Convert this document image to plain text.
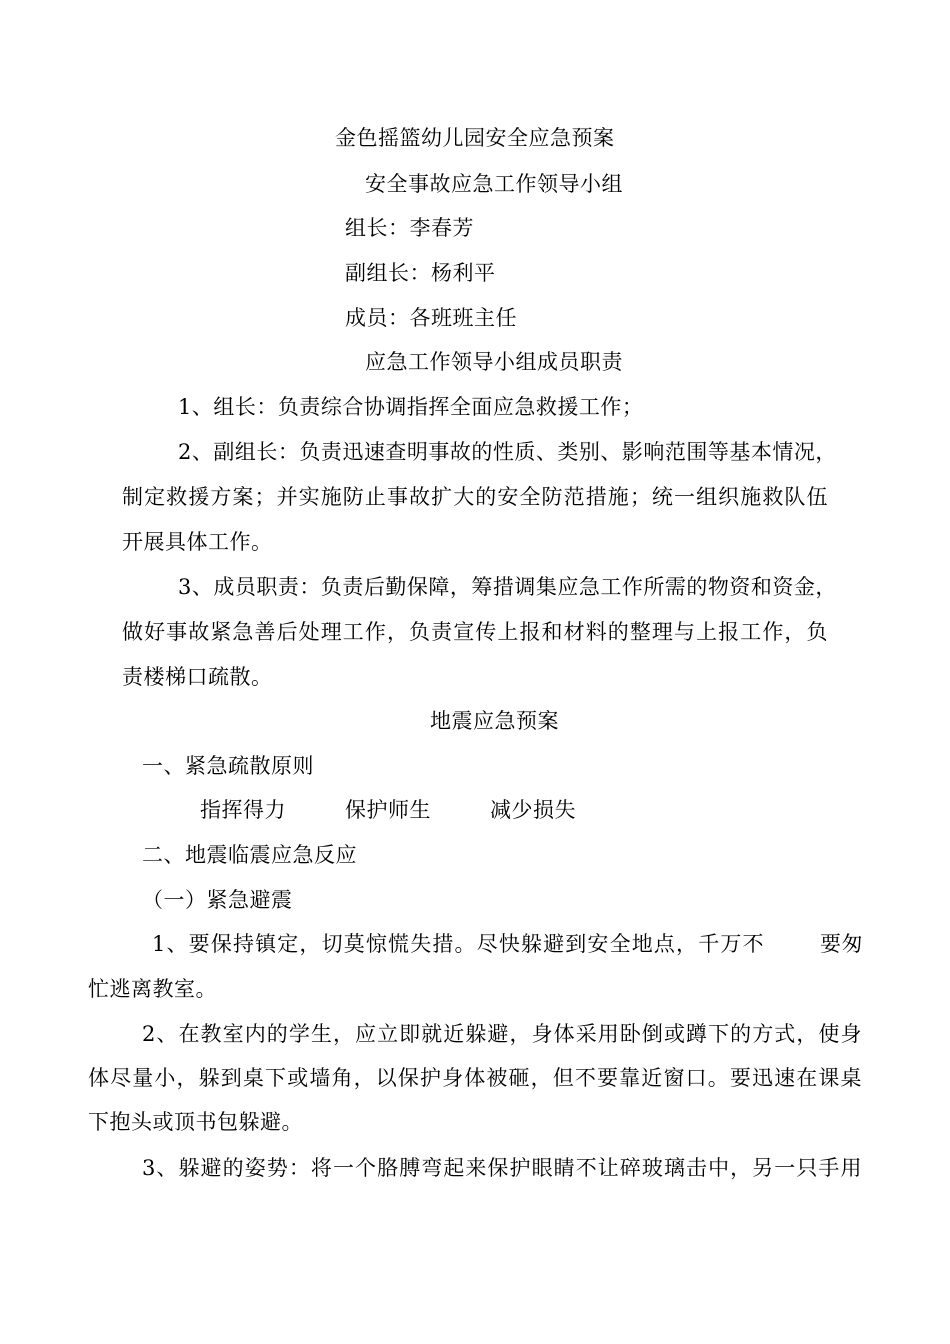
金色摇篮幼儿园安全应急预案
安全事故应急工作领导小组
组长：李春芳
副组长：杨利平
成员：各班班主任
应急工作领导小组成员职责
1、组长：负责综合协调指挥全面应急救援工作；
2、副组长：负责迅速查明事故的性质、类别、影响范围等基本情况，
制定救援方案；并实施防止事故扩大的安全防范措施；统一组织施救队伍
开展具体工作。
3、成员职责：负责后勤保障，筹措调集应急工作所需的物资和资金，
做好事故紧急善后处理工作，负责宣传上报和材料的整理与上报工作，负
责楼梯口疏散。
地震应急预案
一、紧急疏散原则
指挥得力	保护师生	减少损失
二、地震临震应急反应
（一）紧急避震
1、要保持镇定，切莫惊慌失措。尽快躲避到安全地点，千万不	要匆
忙逃离教室。
2、在教室内的学生，应立即就近躲避，身体采用卧倒或蹲下的方式，使身
体尽量小，躲到桌下或墙角，以保护身体被砸，但不要靠近窗口。要迅速在课桌
下抱头或顶书包躲避。
3、躲避的姿势：将一个胳膊弯起来保护眼睛不让碎玻璃击中，另一只手用
